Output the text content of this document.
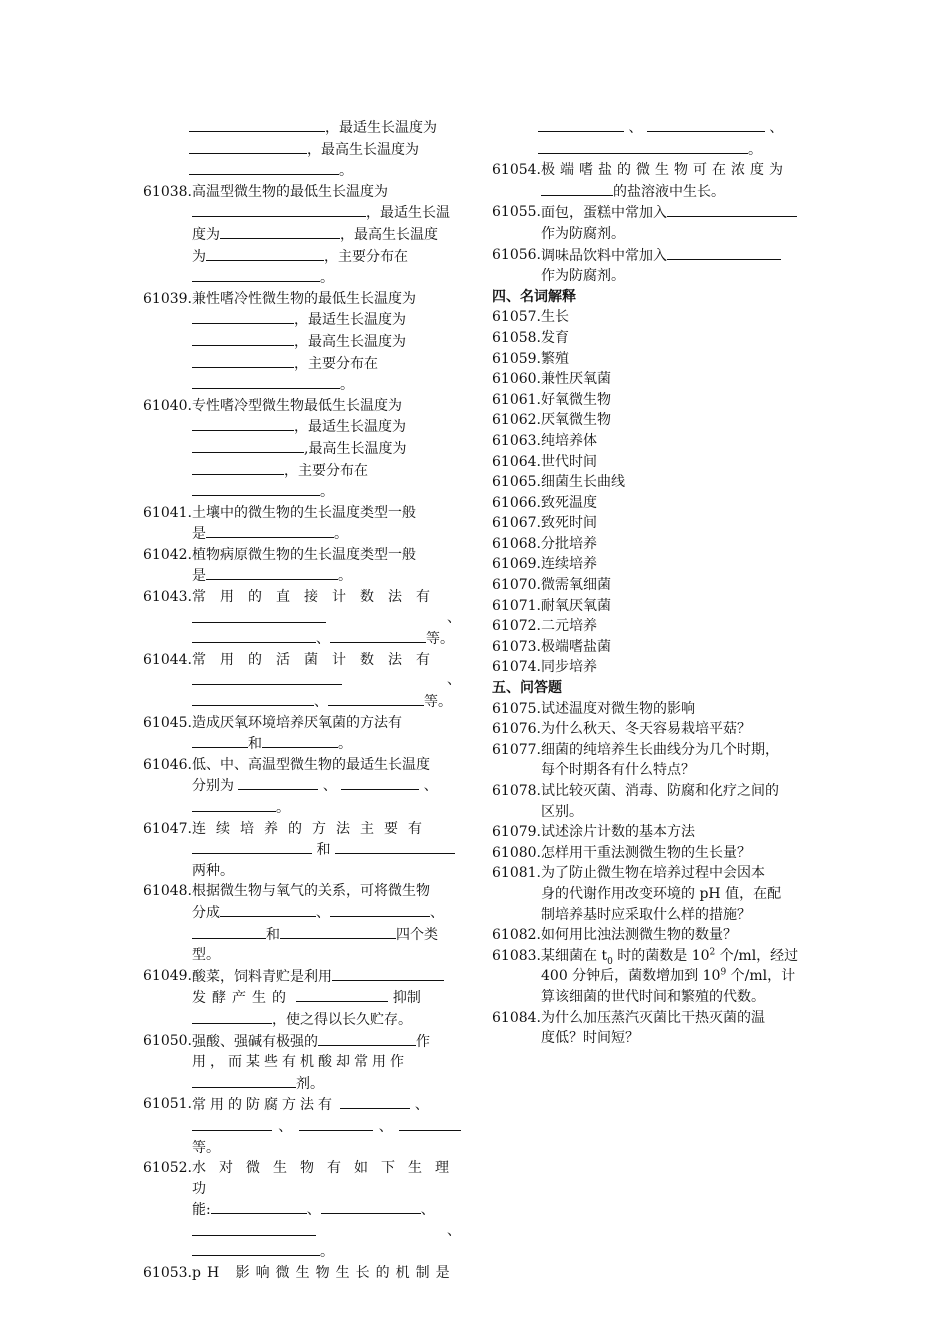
，最适生长温度为
，最高生长温度为
。
61038. 高温型微生物的最低生长温度为
，最适生长温
度为	，最高生长温度
为	，主要分布在
。
61039. 兼性嗜冷性微生物的最低生长温度为
，最适生长温度为
，最高生长温度为
，主要分布在
。
61040. 专性嗜冷型微生物最低生长温度为
，最适生长温度为
,最高生长温度为
，主要分布在
。
61041. 土壤中的微生物的生长温度类型一般
是	。
61042. 植物病原微生物的生长温度类型一般
是	。
61043. 常用的直接计数法有
、
、	等。
61044. 常用的活菌计数法有
、
、	等。
61045. 造成厌氧环境培养厌氧菌的方法有
和	。
61046. 低、中、高温型微生物的最适生长温度
分别为	、	、
。
61047. 连续培养的方法主要有
和
两种。
61048. 根据微生物与氧气的关系，可将微生物
分成	、	、
和	四个类
型。
61049. 酸菜，饲料青贮是利用
发酵产生的	抑制
，使之得以长久贮存。
61050. 强酸、强碱有极强的	作
用，而某些有机酸却常用作
剂。
61051. 常用的防腐方法有	、
、	、等。
61052. 水对微生物有如下生理功
能:	、	、
、
。
61053. pH 影响微生物生长的机制是
、	、
。
61054. 极端嗜盐的微生物可在浓度为
的盐溶液中生长。
61055. 面包，蛋糕中常加入
作为防腐剂。
61056. 调味品饮料中常加入
作为防腐剂。
四、名词解释
61057.生长
61058.发育
61059.繁殖
61060.兼性厌氧菌
61061.好氧微生物
61062.厌氧微生物
61063.纯培养体
61064.世代时间
61065.细菌生长曲线
61066.致死温度
61067.致死时间
61068.分批培养
61069.连续培养
61070.微需氧细菌
61071.耐氧厌氧菌
61072.二元培养
61073.极端嗜盐菌
61074.同步培养
五、问答题
61075. 试述温度对微生物的影响
61076. 为什么秋天、冬天容易栽培平菇？
61077. 细菌的纯培养生长曲线分为几个时期，
每个时期各有什么特点？
61078. 试比较灭菌、消毒、防腐和化疗之间的
区别。
61079. 试述涂片计数的基本方法
61080. 怎样用干重法测微生物的生长量？
61081. 为了防止微生物在培养过程中会因本
身的代谢作用改变环境的 pH 值，在配
制培养基时应采取什么样的措施？
61082. 如何用比浊法测微生物的数量？
61083. 某细菌在 $t_0$ 时的菌数是 $10^2$ 个/ml，经过
400 分钟后，菌数增加到 $10^9$ 个/ml，计
算该细菌的世代时间和繁殖的代数。
61084. 为什么加压蒸汽灭菌比干热灭菌的温
度低？时间短？
